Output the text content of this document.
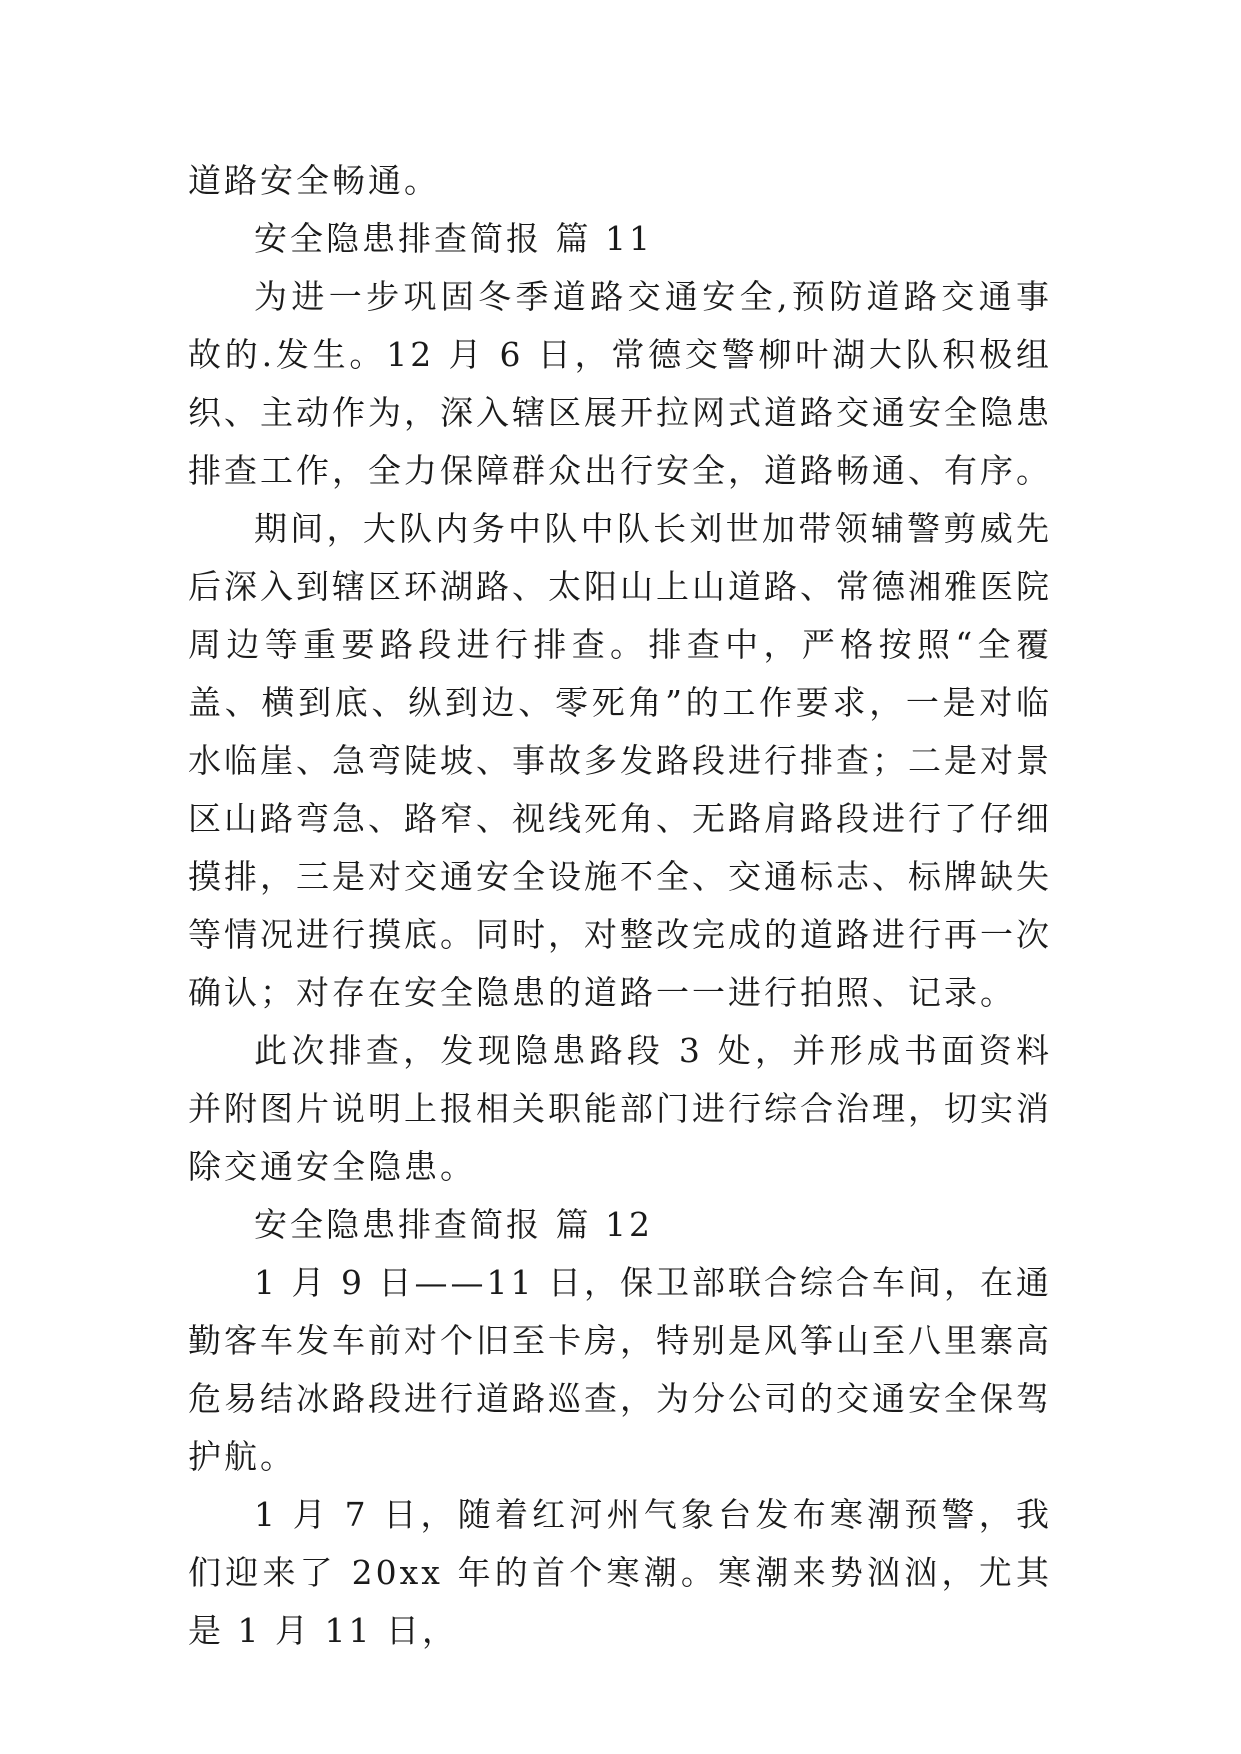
道路安全畅通。

安全隐患排查简报 篇 11

为进一步巩固冬季道路交通安全,预防道路交通事故的.发生。12 月 6 日，常德交警柳叶湖大队积极组织、主动作为，深入辖区展开拉网式道路交通安全隐患排查工作，全力保障群众出行安全，道路畅通、有序。

期间，大队内务中队中队长刘世加带领辅警剪威先后深入到辖区环湖路、太阳山上山道路、常德湘雅医院周边等重要路段进行排查。排查中，严格按照“全覆盖、横到底、纵到边、零死角”的工作要求，一是对临水临崖、急弯陡坡、事故多发路段进行排查；二是对景区山路弯急、路窄、视线死角、无路肩路段进行了仔细摸排，三是对交通安全设施不全、交通标志、标牌缺失等情况进行摸底。同时，对整改完成的道路进行再一次确认；对存在安全隐患的道路一一进行拍照、记录。

此次排查，发现隐患路段 3 处，并形成书面资料并附图片说明上报相关职能部门进行综合治理，切实消除交通安全隐患。

安全隐患排查简报 篇 12

1 月 9 日——11 日，保卫部联合综合车间，在通勤客车发车前对个旧至卡房，特别是风筝山至八里寨高危易结冰路段进行道路巡查，为分公司的交通安全保驾护航。

1 月 7 日，随着红河州气象台发布寒潮预警，我们迎来了 20xx 年的首个寒潮。寒潮来势汹汹，尤其是 1 月 11 日，
